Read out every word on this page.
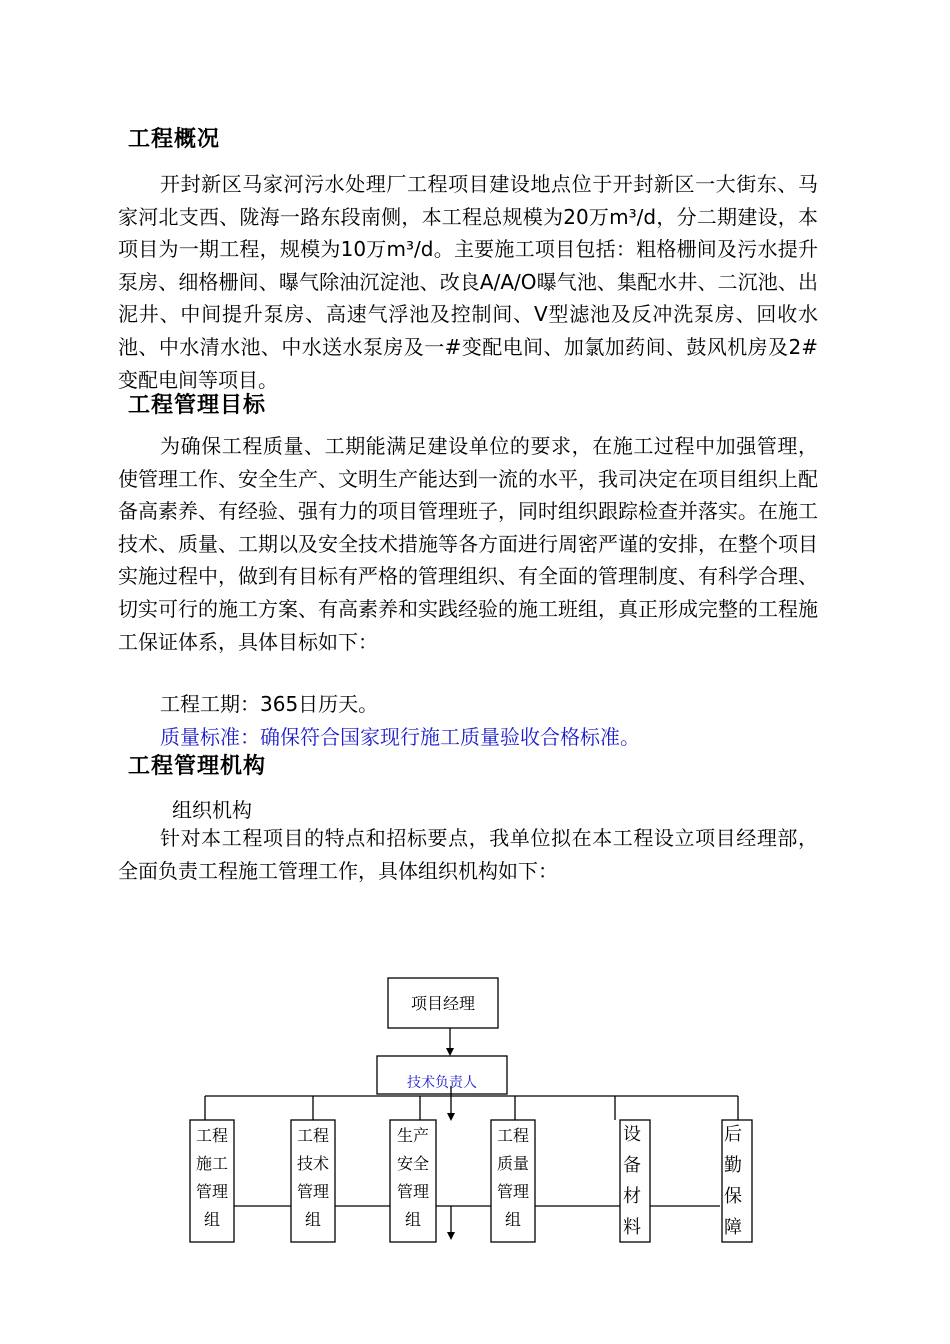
工程概况
开封新区马家河污水处理厂工程项目建设地点位于开封新区一大街东、马家河北支西、陇海一路东段南侧，本工程总规模为20万m³/d，分二期建设，本项目为一期工程，规模为10万m³/d。主要施工项目包括：粗格栅间及污水提升泵房、细格栅间、曝气除油沉淀池、改良A/A/O曝气池、集配水井、二沉池、出泥井、中间提升泵房、高速气浮池及控制间、V型滤池及反冲洗泵房、回收水池、中水清水池、中水送水泵房及一#变配电间、加氯加药间、鼓风机房及2#变配电间等项目。
工程管理目标
为确保工程质量、工期能满足建设单位的要求，在施工过程中加强管理，使管理工作、安全生产、文明生产能达到一流的水平，我司决定在项目组织上配备高素养、有经验、强有力的项目管理班子，同时组织跟踪检查并落实。在施工技术、质量、工期以及安全技术措施等各方面进行周密严谨的安排，在整个项目实施过程中，做到有目标有严格的管理组织、有全面的管理制度、有科学合理、切实可行的施工方案、有高素养和实践经验的施工班组，真正形成完整的工程施工保证体系，具体目标如下：
工程工期：365日历天。
质量标准：确保符合国家现行施工质量验收合格标准。
工程管理机构
组织机构
针对本工程项目的特点和招标要点，我单位拟在本工程设立项目经理部，全面负责工程施工管理工作，具体组织机构如下：
项目经理
技术负责人
工程
施工
管理
组
工程
技术
管理
组
生产
安全
管理
组
工程
质量
管理
组
设
备
材
料
后
勤
保
障
